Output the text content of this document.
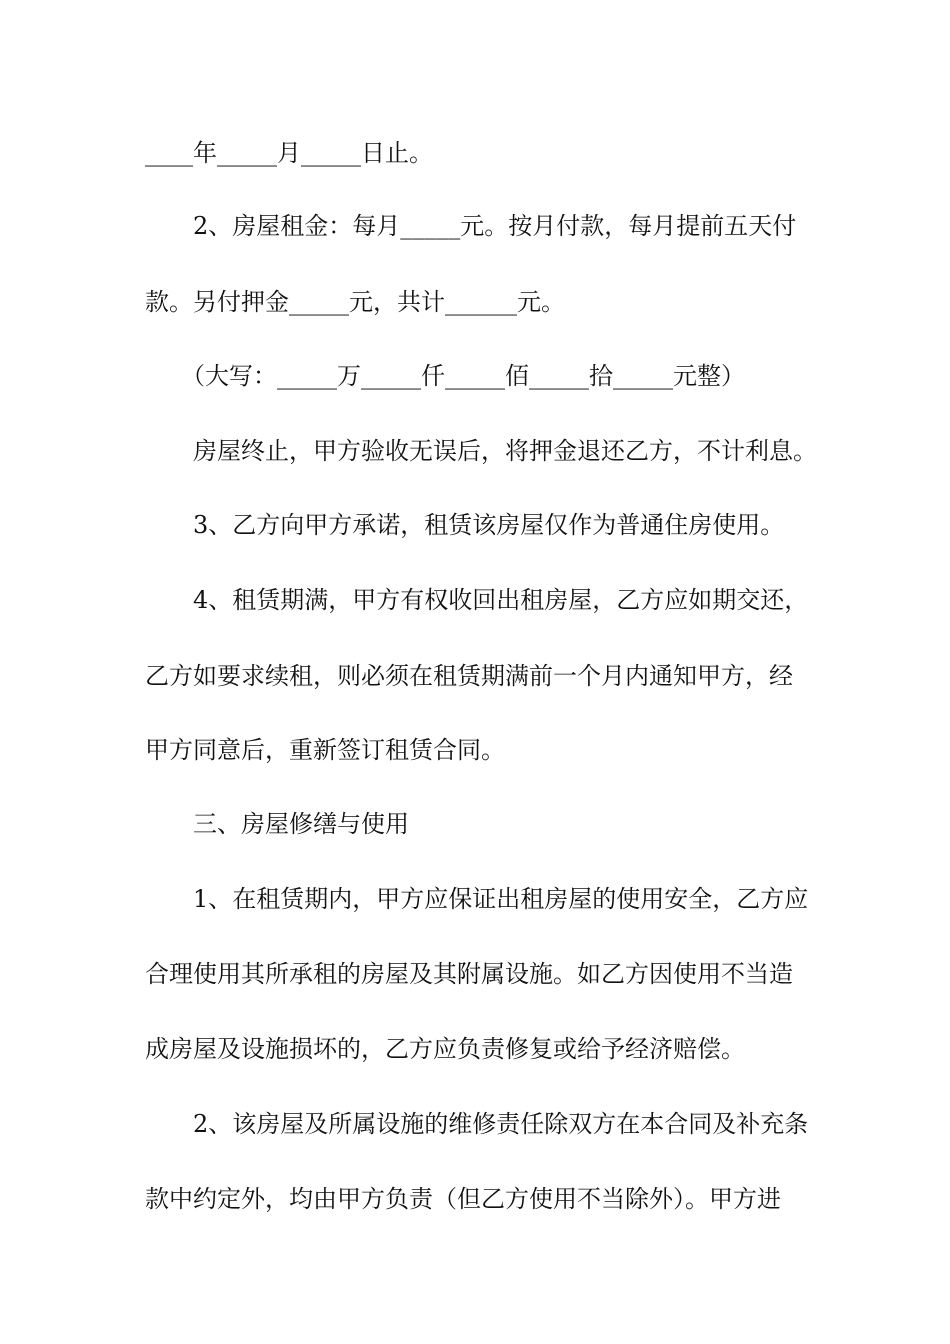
____年_____月_____日止。
2、房屋租金：每月_____元。按月付款，每月提前五天付
款。另付押金_____元，共计______元。
（大写：_____万_____仟_____佰_____拾_____元整）
房屋终止，甲方验收无误后，将押金退还乙方，不计利息。
3、乙方向甲方承诺，租赁该房屋仅作为普通住房使用。
4、租赁期满，甲方有权收回出租房屋，乙方应如期交还，
乙方如要求续租，则必须在租赁期满前一个月内通知甲方，经
甲方同意后，重新签订租赁合同。
三、房屋修缮与使用
1、在租赁期内，甲方应保证出租房屋的使用安全，乙方应
合理使用其所承租的房屋及其附属设施。如乙方因使用不当造
成房屋及设施损坏的，乙方应负责修复或给予经济赔偿。
2、该房屋及所属设施的维修责任除双方在本合同及补充条
款中约定外，均由甲方负责（但乙方使用不当除外）。甲方进
